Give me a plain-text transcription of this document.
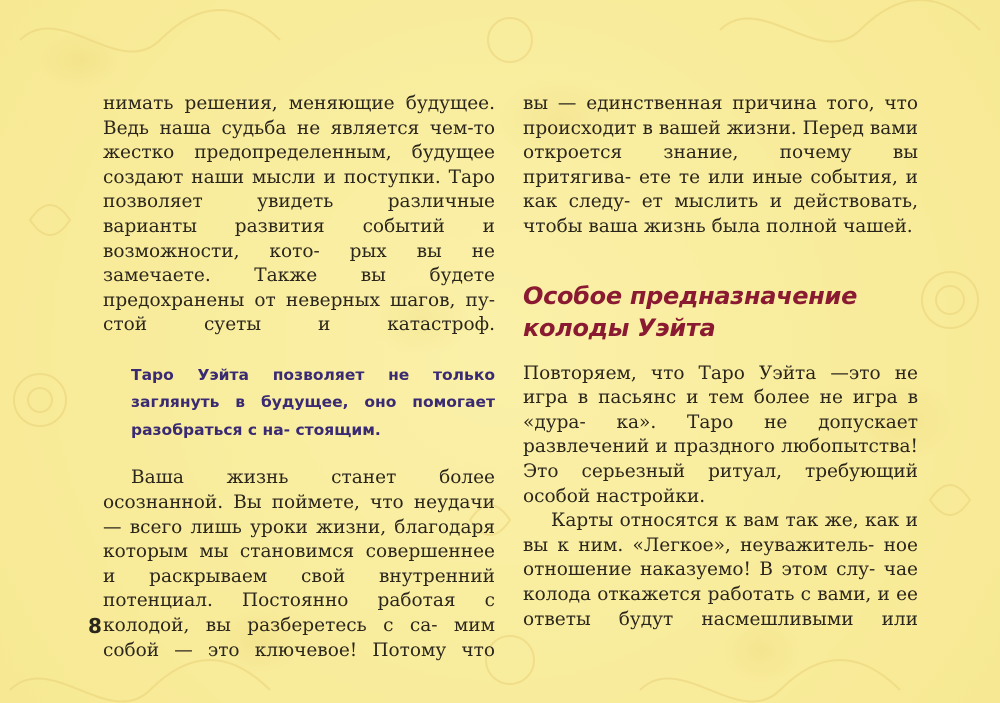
нимать решения, меняющие будущее. Ведь наша судьба не является чем-то жестко предопределенным, будущее создают наши мысли и поступки. Таро позволяет увидеть различные варианты развития событий и возможности, кото- рых вы не замечаете. Также вы будете предохранены от неверных шагов, пу- стой суеты и катастроф.

Таро Уэйта позволяет не только заглянуть в будущее, оно помогает разобраться с на- стоящим.

Ваша жизнь станет более осознанной. Вы поймете, что неудачи — всего лишь уроки жизни, благодаря которым мы становимся совершеннее и раскрываем свой внутренний потенциал. Постоянно работая с колодой, вы разберетесь с са- мим собой — это ключевое! Потому что

вы — единственная причина того, что происходит в вашей жизни. Перед вами откроется знание, почему вы притягива- ете те или иные события, и как следу- ет мыслить и действовать, чтобы ваша жизнь была полной чашей.

Особое предназначение колоды Уэйта

Повторяем, что Таро Уэйта —это не игра в пасьянс и тем более не игра в «дура- ка». Таро не допускает развлечений и праздного любопытства! Это серьезный ритуал, требующий особой настройки.

Карты относятся к вам так же, как и вы к ним. «Легкое», неуважитель- ное отношение наказуемо! В этом слу- чае колода откажется работать с вами, и ее ответы будут насмешливыми или

8
